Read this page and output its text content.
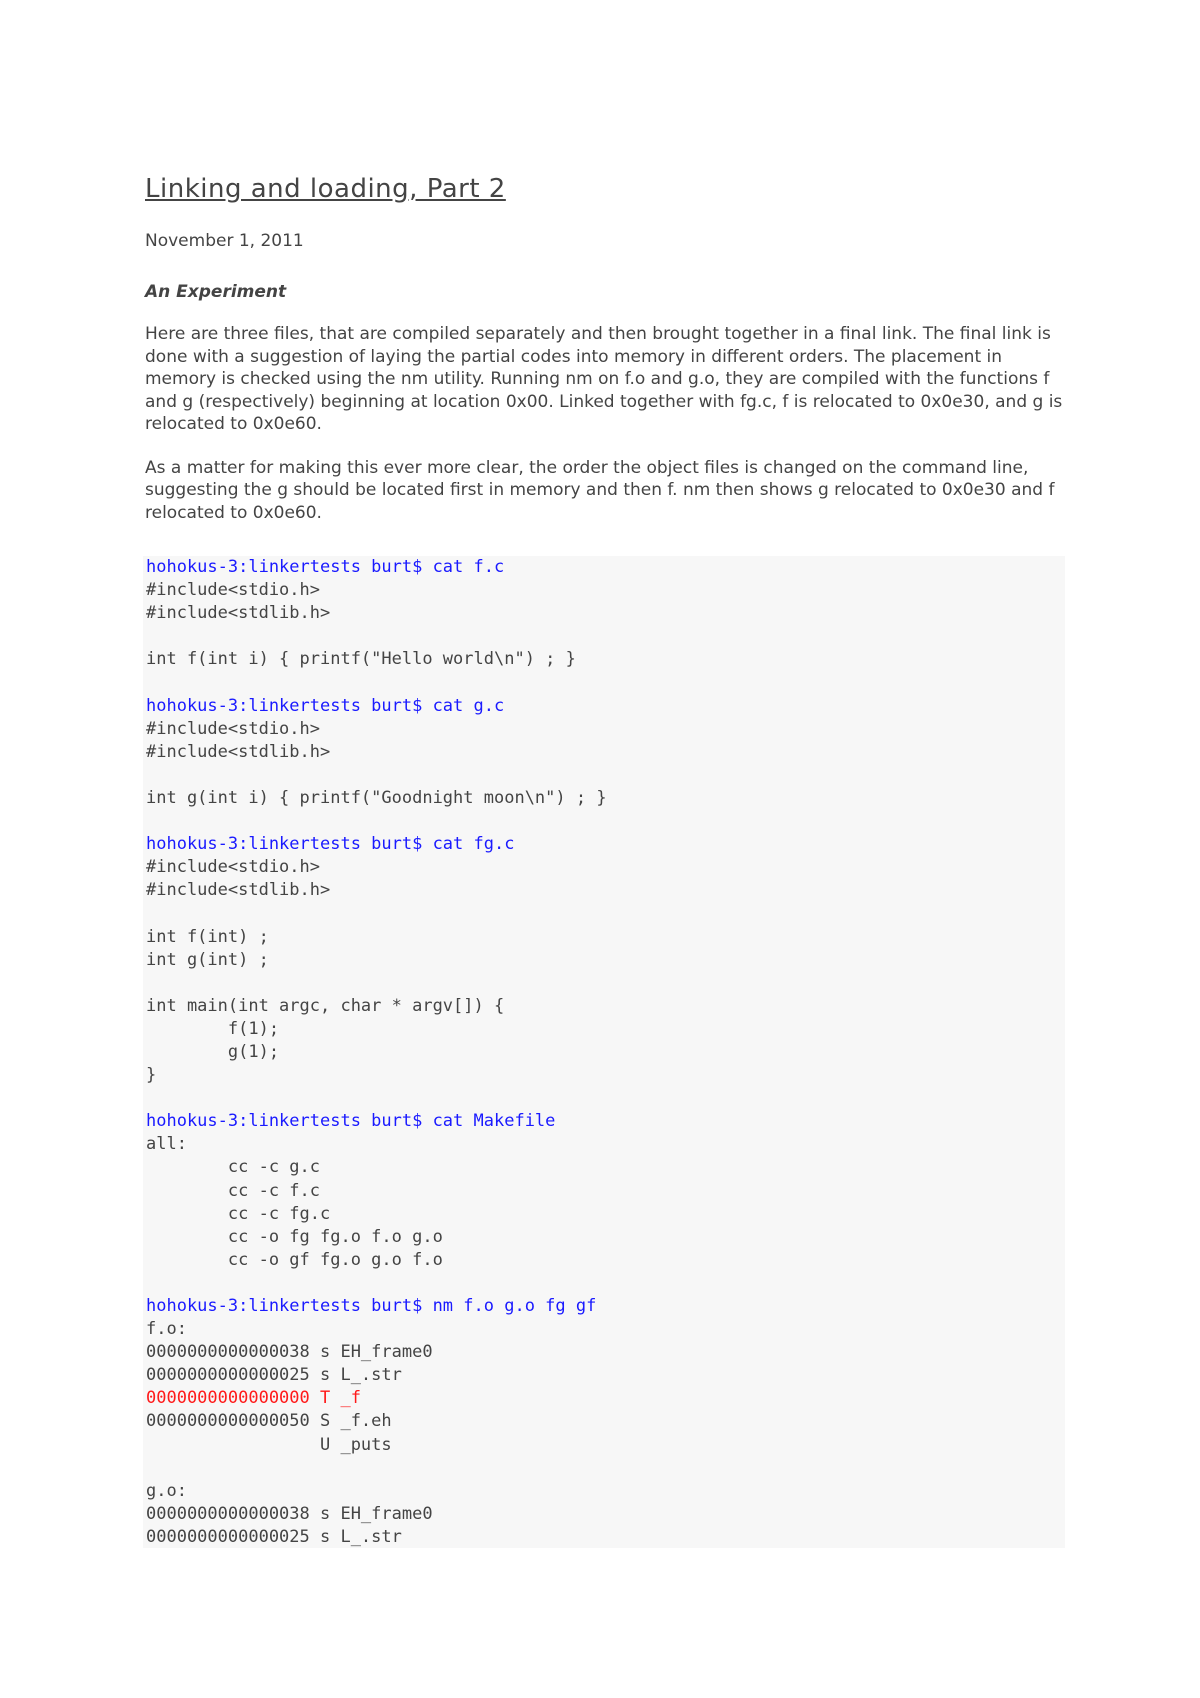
Linking and loading, Part 2
November 1, 2011
An Experiment

Here are three files, that are compiled separately and then brought together in a final link. The final link is done with a suggestion of laying the partial codes into memory in different orders. The placement in memory is checked using the nm utility. Running nm on f.o and g.o, they are compiled with the functions f and g (respectively) beginning at location 0x00. Linked together with fg.c, f is relocated to 0x0e30, and g is relocated to 0x0e60.

As a matter for making this ever more clear, the order the object files is changed on the command line, suggesting the g should be located first in memory and then f. nm then shows g relocated to 0x0e30 and f relocated to 0x0e60.

hohokus-3:linkertests burt$ cat f.c
#include<stdio.h>
#include<stdlib.h>
int f(int i) { printf("Hello world\n") ; }
hohokus-3:linkertests burt$ cat g.c
#include<stdio.h>
#include<stdlib.h>
int g(int i) { printf("Goodnight moon\n") ; }
hohokus-3:linkertests burt$ cat fg.c
#include<stdio.h>
#include<stdlib.h>
int f(int) ;
int g(int) ;
int main(int argc, char * argv[]) {
f(1);
g(1);
}
hohokus-3:linkertests burt$ cat Makefile
all:
cc -c g.c
cc -c f.c
cc -c fg.c
cc -o fg fg.o f.o g.o
cc -o gf fg.o g.o f.o
hohokus-3:linkertests burt$ nm f.o g.o fg gf
f.o:
0000000000000038 s EH_frame0
0000000000000025 s L_.str
0000000000000000 T _f
0000000000000050 S _f.eh
U _puts
g.o:
0000000000000038 s EH_frame0
0000000000000025 s L_.str
